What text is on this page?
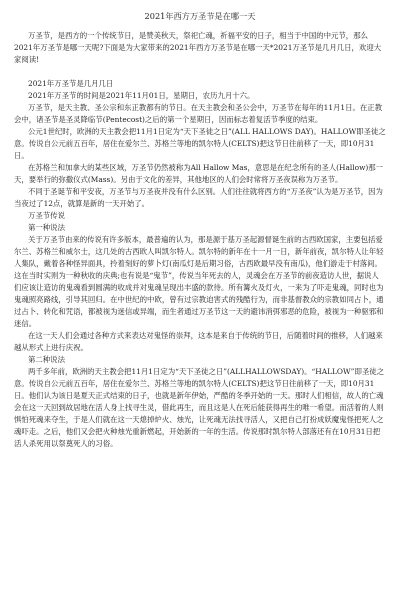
2021年西方万圣节是在哪一天

万圣节，是西方的一个传统节日，是赞美秋天，祭祀亡魂，祈福平安的日子，相当于中国的中元节，那么2021年万圣节是哪一天呢?下面是为大家带来的2021年西方万圣节是在哪一天*2021万圣节是几月几日，欢迎大家阅读!

2021年万圣节是几月几日

2021年万圣节的时间是2021年11月01日，星期日，农历九月十六。

万圣节，是天主教、圣公宗和东正教都有的节日。在天主教会和圣公会中，万圣节在每年的11月1日。在正教会中，诸圣节是圣灵降临节(Pentecost)之后的第一个星期日，因而标志着复活节季度的结束。

公元1世纪时，欧洲的天主教会把11月1日定为“天下圣徒之日”(ALL HALLOWS DAY)。HALLOW即圣徒之意。传说自公元前五百年，居住在爱尔兰、苏格兰等地的凯尔特人(CELTS)把这节日往前移了一天，即10月31日。

在苏格兰和加拿大的某些区域，万圣节仍然被称为All Hallow Mas，意思是在纪念所有的圣人(Hallow)那一天，要举行的弥撒仪式(Mass)。另由于文化的差异，其他地区的人们会时常将万圣夜误称为万圣节。

不同于圣诞节和平安夜，万圣节与万圣夜并没有什么区别。人们往往就将西方的“万圣夜”认为是万圣节，因为当夜过了12点，就算是新的一天开始了。

万圣节传说

第一种说法

关于万圣节由来的传说有许多版本，最普遍的认为，那是源于基万圣起源督诞生前的古西欧国家，主要包括爱尔兰、苏格兰和威尔士，这几处的古西欧人叫凯尔特人。凯尔特的新年在十一月一日，新年前夜，凯尔特人让年轻人集队，戴着各种怪异面具，拎着刻好的萝卜灯(南瓜灯是后期习俗，古西欧最早没有南瓜)，他们游走于村落间。这在当时实则为一种秋收的庆典;也有说是“鬼节”，传说当年死去的人，灵魂会在万圣节的前夜造访人世，据说人们应该让造访的鬼魂看到圆满的收成并对鬼魂呈现出丰盛的款待。所有篝火及灯火，一来为了吓走鬼魂，同时也为鬼魂照亮路线，引导其回归。在中世纪的中欧，曾有过宗教迫害式的残酷行为，而非基督教众的宗教如同占卜，通过占卜、转化和咒语，都被视为迷信或异端，而生者通过万圣节这一天的避讳消弭邪恶的危险，被视为一种驱邪和迷信。

在这一天人们会通过各种方式来表达对鬼怪的崇拜，这本是来自于传统的节日，后随着时间的推移，人们越来越从形式上进行庆祝。

第二种说法

两千多年前，欧洲的天主教会把11月1日定为“天下圣徒之日”(ALLHALLOWSDAY)。“HALLOW”即圣徒之意。传说自公元前五百年，居住在爱尔兰、苏格兰等地的凯尔特人(CELTS)把这节日往前移了一天，即10月31日。他们认为该日是夏天正式结束的日子，也就是新年伊始，严酷的冬季开始的一天。那时人们相信，故人的亡魂会在这一天回到故居地在活人身上找寻生灵，借此再生，而且这是人在死后能获得再生的唯一希望。而活着的人则惧怕死魂来夺生，于是人们就在这一天熄掉炉火、烛光，让死魂无法找寻活人，又把自己打扮成妖魔鬼怪把死人之魂吓走。之后，他们又会把火种烛光重新燃起，开始新的一年的生活。传说那时凯尔特人部落还有在10月31日把活人杀死用以祭奠死人的习俗。
